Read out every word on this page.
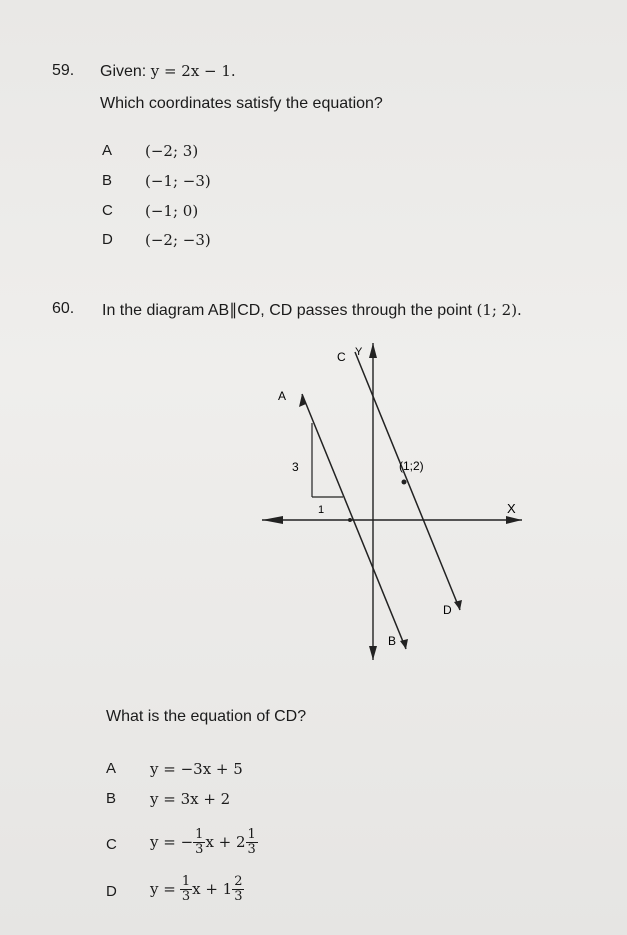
59. Given: y = 2x − 1.
Which coordinates satisfy the equation?
A (−2; 3)
B (−1; −3)
C (−1; 0)
D (−2; −3)
60. In the diagram AB∥CD, CD passes through the point (1; 2).
C Y
A
3
1
(1;2)
X
D
B
What is the equation of CD?
A y = −3x + 5
B y = 3x + 2
C y = − $\frac{1}{3}$ $x + 2 \frac{1}{3}$
D $y = \frac{1}{3}$ $x + 1 \frac{2}{3}$
